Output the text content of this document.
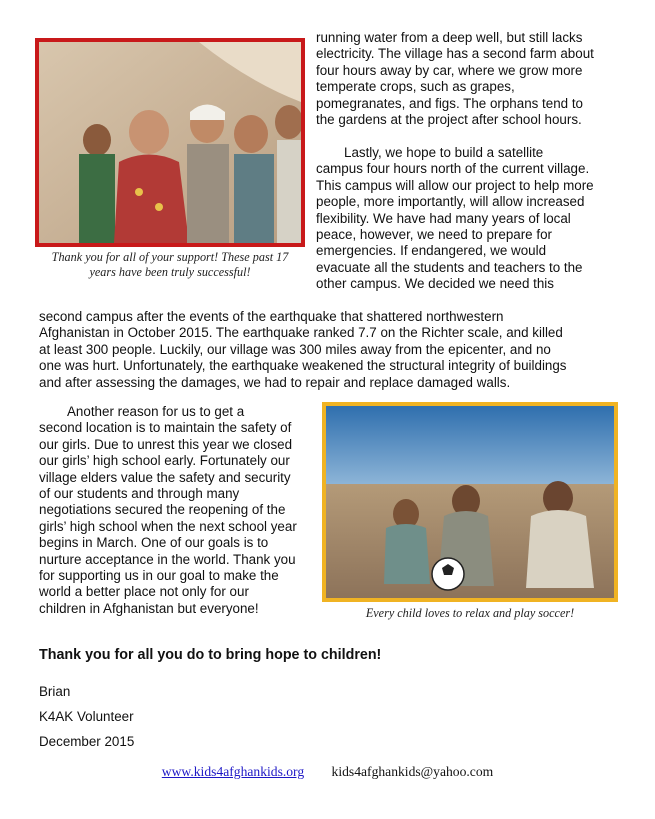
Thank you for all of your support! These past 17
years have been truly successful!
running water from a deep well, but still lacks
electricity. The village has a second farm about
four hours away by car, where we grow more
temperate crops, such as grapes,
pomegranates, and figs. The orphans tend to
the gardens at the project after school hours.
Lastly, we hope to build a satellite
campus four hours north of the current village.
This campus will allow our project to help more
people, more importantly, will allow increased
flexibility. We have had many years of local
peace, however, we need to prepare for
emergencies. If endangered, we would
evacuate all the students and teachers to the
other campus. We decided we need this
second campus after the events of the earthquake that shattered northwestern
Afghanistan in October 2015. The earthquake ranked 7.7 on the Richter scale, and killed
at least 300 people. Luckily, our village was 300 miles away from the epicenter, and no
one was hurt. Unfortunately, the earthquake weakened the structural integrity of buildings
and after assessing the damages, we had to repair and replace damaged walls.
Another reason for us to get a
second location is to maintain the safety of
our girls. Due to unrest this year we closed
our girls’ high school early. Fortunately our
village elders value the safety and security
of our students and through many
negotiations secured the reopening of the
girls’ high school when the next school year
begins in March. One of our goals is to
nurture acceptance in the world. Thank you
for supporting us in our goal to make the
world a better place not only for our
children in Afghanistan but everyone!	Every child loves to relax and play soccer!
Thank you for all you do to bring hope to children!
Brian
K4AK Volunteer
December 2015
www.kids4afghankids.org kids4afghankids@yahoo.com
